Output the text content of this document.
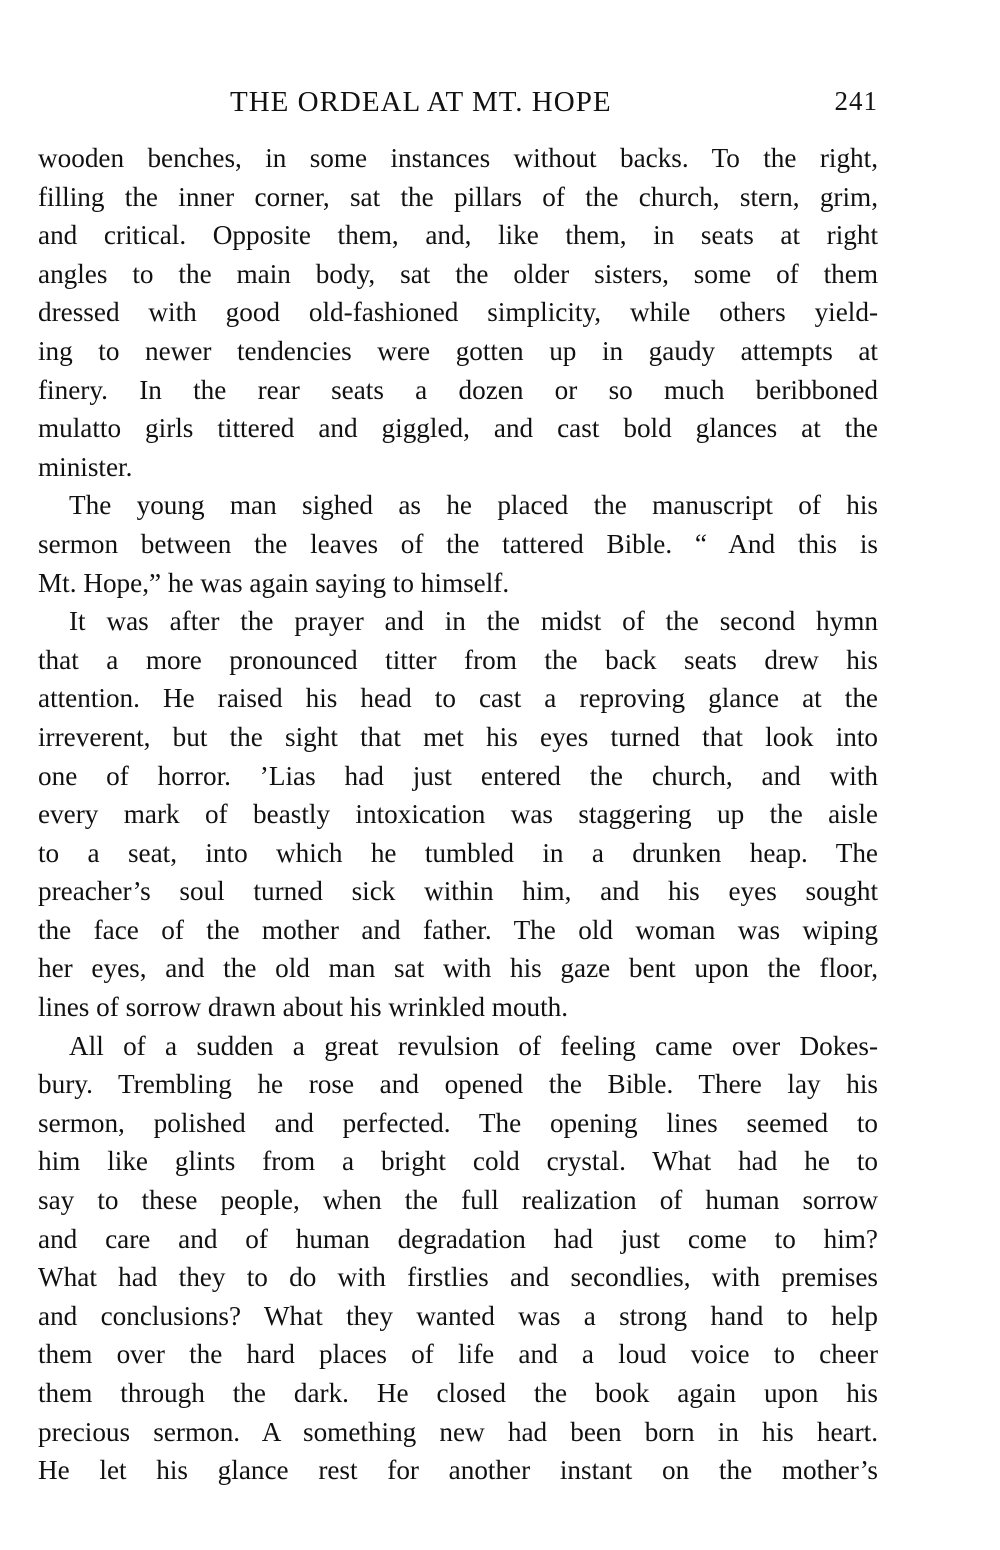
THE ORDEAL AT MT. HOPE	241
wooden benches, in some instances without backs. To the right,
filling the inner corner, sat the pillars of the church, stern, grim,
and critical. Opposite them, and, like them, in seats at right
angles to the main body, sat the older sisters, some of them
dressed with good old-fashioned simplicity, while others yield-
ing to newer tendencies were gotten up in gaudy attempts at
finery. In the rear seats a dozen or so much beribboned
mulatto girls tittered and giggled, and cast bold glances at the
minister.
The young man sighed as he placed the manuscript of his
sermon between the leaves of the tattered Bible. “ And this is
Mt. Hope,” he was again saying to himself.
It was after the prayer and in the midst of the second hymn
that a more pronounced titter from the back seats drew his
attention. He raised his head to cast a reproving glance at the
irreverent, but the sight that met his eyes turned that look into
one of horror. ’Lias had just entered the church, and with
every mark of beastly intoxication was staggering up the aisle
to a seat, into which he tumbled in a drunken heap. The
preacher’s soul turned sick within him, and his eyes sought
the face of the mother and father. The old woman was wiping
her eyes, and the old man sat with his gaze bent upon the floor,
lines of sorrow drawn about his wrinkled mouth.
All of a sudden a great revulsion of feeling came over Dokes-
bury. Trembling he rose and opened the Bible. There lay his
sermon, polished and perfected. The opening lines seemed to
him like glints from a bright cold crystal. What had he to
say to these people, when the full realization of human sorrow
and care and of human degradation had just come to him?
What had they to do with firstlies and secondlies, with premises
and conclusions? What they wanted was a strong hand to help
them over the hard places of life and a loud voice to cheer
them through the dark. He closed the book again upon his
precious sermon. A something new had been born in his heart.
He let his glance rest for another instant on the mother’s
